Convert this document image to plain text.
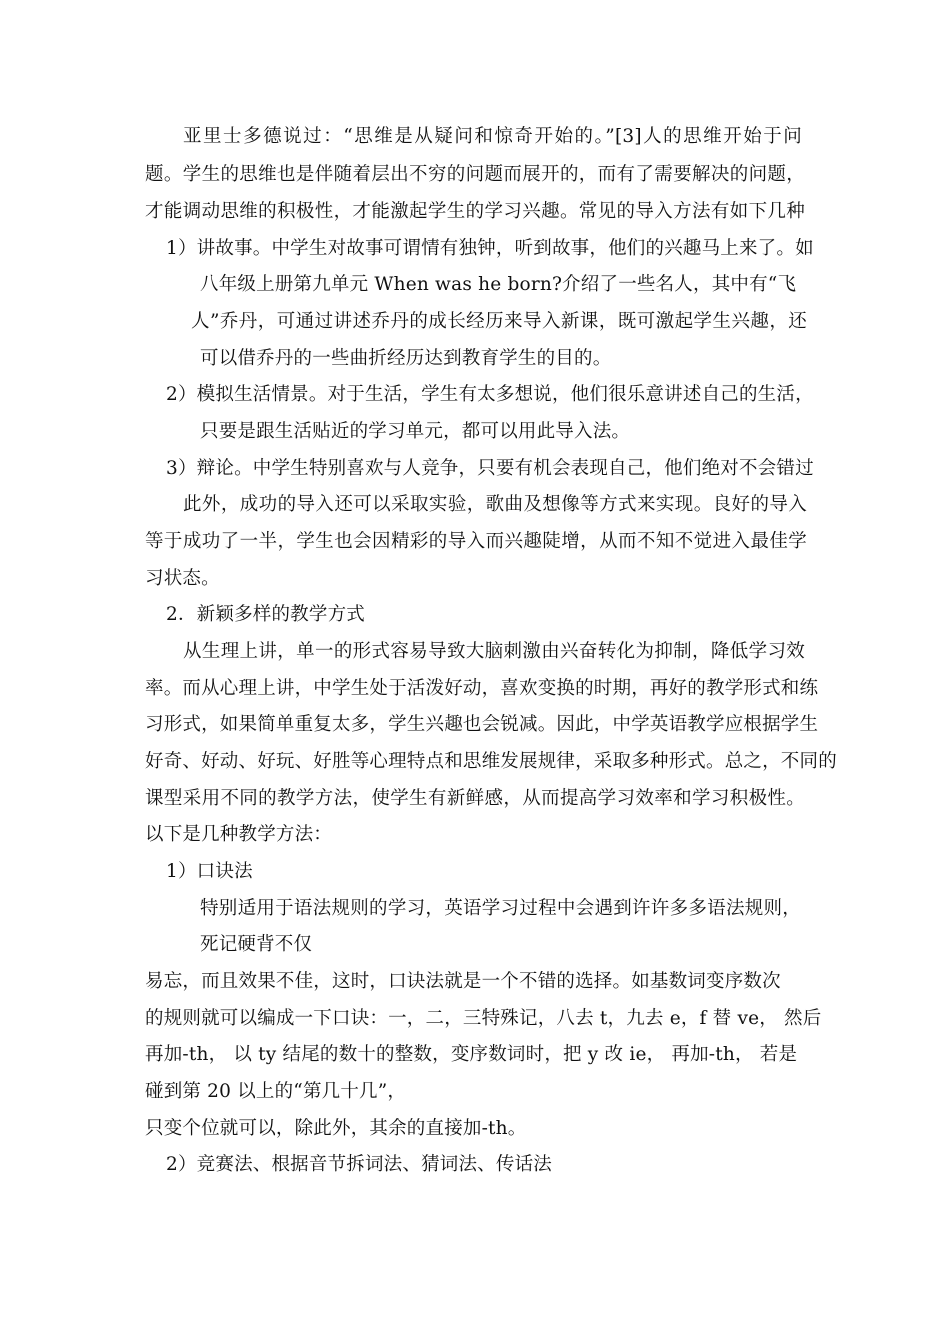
亚里士多德说过：“思维是从疑问和惊奇开始的。”[3]人的思维开始于问
题。学生的思维也是伴随着层出不穷的问题而展开的，而有了需要解决的问题，
才能调动思维的积极性，才能激起学生的学习兴趣。常见的导入方法有如下几种
1）讲故事。中学生对故事可谓情有独钟，听到故事，他们的兴趣马上来了。如
八年级上册第九单元 When was he born?介绍了一些名人，其中有“飞
人”乔丹，可通过讲述乔丹的成长经历来导入新课，既可激起学生兴趣，还
可以借乔丹的一些曲折经历达到教育学生的目的。
2）模拟生活情景。对于生活，学生有太多想说，他们很乐意讲述自己的生活，
只要是跟生活贴近的学习单元，都可以用此导入法。
3）辩论。中学生特别喜欢与人竞争，只要有机会表现自己，他们绝对不会错过
此外，成功的导入还可以采取实验，歌曲及想像等方式来实现。良好的导入
等于成功了一半，学生也会因精彩的导入而兴趣陡增，从而不知不觉进入最佳学
习状态。
2．新颖多样的教学方式
从生理上讲，单一的形式容易导致大脑刺激由兴奋转化为抑制，降低学习效
率。而从心理上讲，中学生处于活泼好动，喜欢变换的时期，再好的教学形式和练
习形式，如果简单重复太多，学生兴趣也会锐减。因此，中学英语教学应根据学生
好奇、好动、好玩、好胜等心理特点和思维发展规律，采取多种形式。总之，不同的
课型采用不同的教学方法，使学生有新鲜感，从而提高学习效率和学习积极性。
以下是几种教学方法：
1）口诀法
特别适用于语法规则的学习，英语学习过程中会遇到许许多多语法规则，
死记硬背不仅
易忘，而且效果不佳，这时，口诀法就是一个不错的选择。如基数词变序数次
的规则就可以编成一下口诀：一，二，三特殊记，八去 t，九去 e，f 替 ve， 然后
再加-th， 以 ty 结尾的数十的整数，变序数词时，把 y 改 ie， 再加-th， 若是
碰到第 20 以上的“第几十几”，
只变个位就可以，除此外，其余的直接加-th。
2）竞赛法、根据音节拆词法、猜词法、传话法
